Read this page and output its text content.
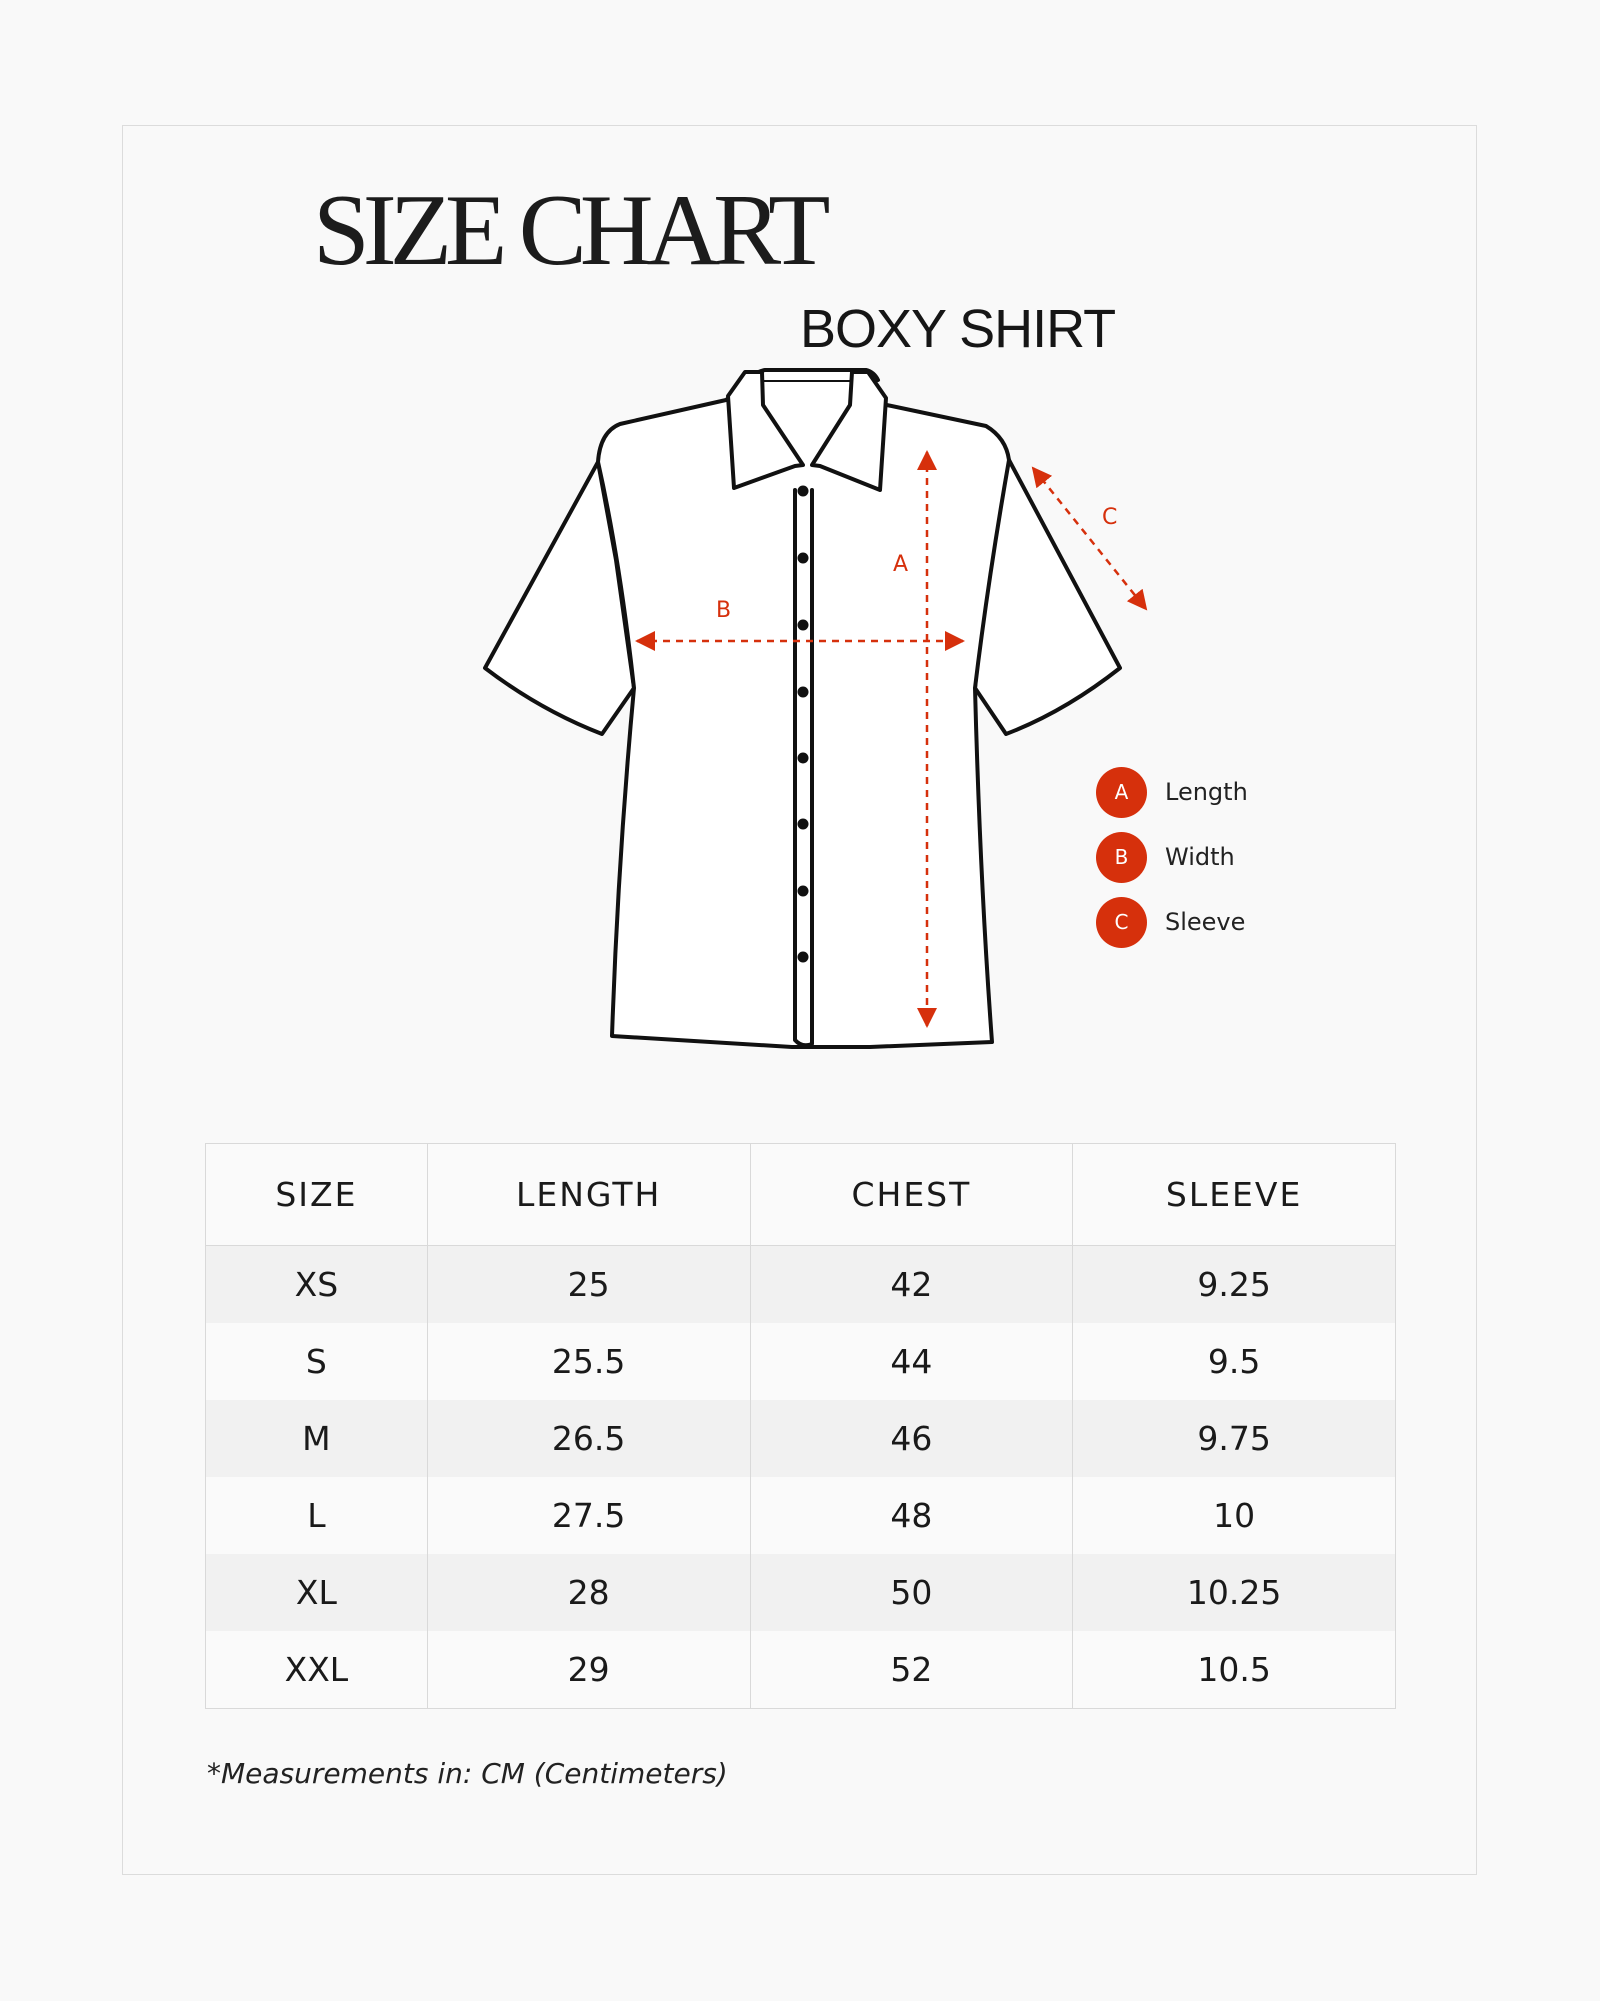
SIZE CHART
BOXY SHIRT
A
B
C
A	Length
B	Width
C	Sleeve
SIZE	LENGTH	CHEST	SLEEVE
XS	25	42	9.25
S	25.5	44	9.5
M	26.5	46	9.75
L	27.5	48	10
XL	28	50	10.25
XXL	29	52	10.5
*Measurements in: CM (Centimeters)
